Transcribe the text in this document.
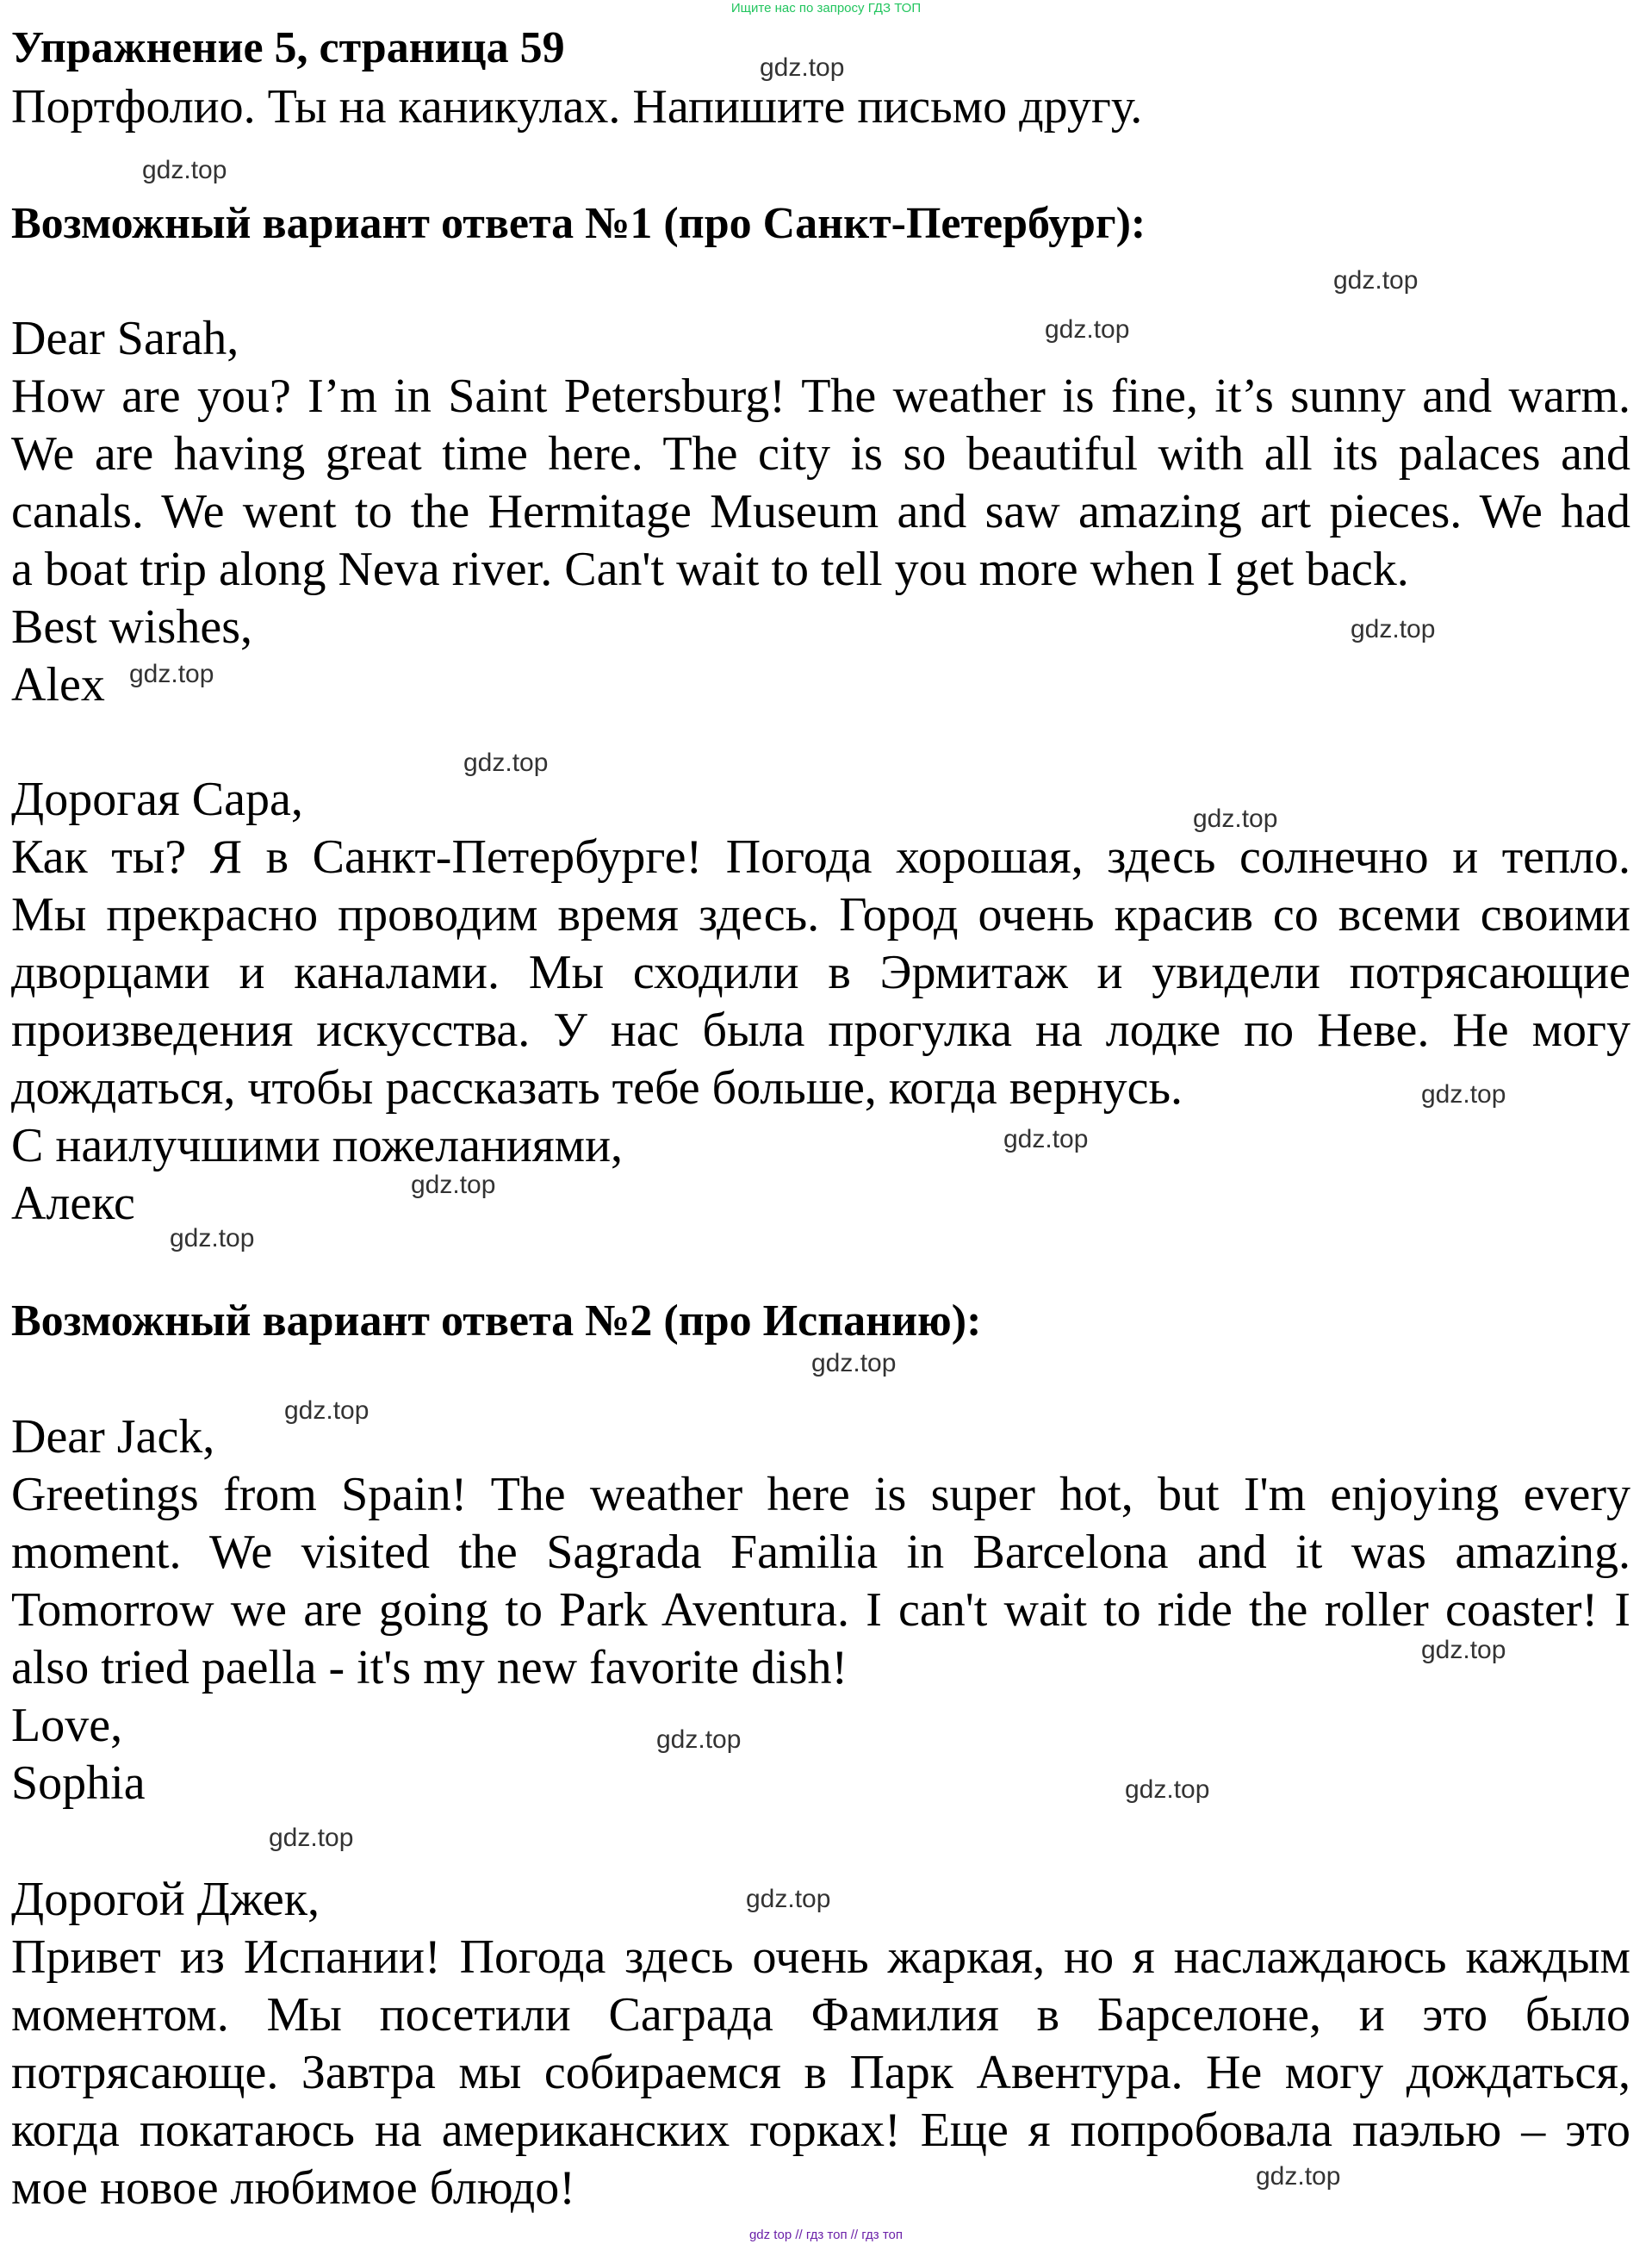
Ищите нас по запросу ГДЗ ТОП
Упражнение 5, страница 59
Портфолио. Ты на каникулах. Напишите письмо другу.
Возможный вариант ответа №1 (про Санкт-Петербург):
Dear Sarah,
How are you? I’m in Saint Petersburg! The weather is fine, it’s sunny and warm.
We are having great time here. The city is so beautiful with all its palaces and
canals. We went to the Hermitage Museum and saw amazing art pieces. We had
a boat trip along Neva river. Can't wait to tell you more when I get back.
Best wishes,
Alex
Дорогая Сара,
Как ты? Я в Санкт-Петербурге! Погода хорошая, здесь солнечно и тепло.
Мы прекрасно проводим время здесь. Город очень красив со всеми своими
дворцами и каналами. Мы сходили в Эрмитаж и увидели потрясающие
произведения искусства. У нас была прогулка на лодке по Неве. Не могу
дождаться, чтобы рассказать тебе больше, когда вернусь.
С наилучшими пожеланиями,
Алекс
Возможный вариант ответа №2 (про Испанию):
Dear Jack,
Greetings from Spain! The weather here is super hot, but I'm enjoying every
moment. We visited the Sagrada Familia in Barcelona and it was amazing.
Tomorrow we are going to Park Aventura. I can't wait to ride the roller coaster! I
also tried paella - it's my new favorite dish!
Love,
Sophia
Дорогой Джек,
Привет из Испании! Погода здесь очень жаркая, но я наслаждаюсь каждым
моментом. Мы посетили Саграда Фамилия в Барселоне, и это было
потрясающе. Завтра мы собираемся в Парк Авентура. Не могу дождаться,
когда покатаюсь на американских горках! Еще я попробовала паэлью – это
мое новое любимое блюдо!
gdz.top
gdz.top
gdz.top
gdz.top
gdz.top
gdz.top
gdz.top
gdz.top
gdz.top
gdz.top
gdz.top
gdz.top
gdz.top
gdz.top
gdz.top
gdz.top
gdz.top
gdz.top
gdz.top
gdz.top
gdz top // гдз топ // гдз топ
